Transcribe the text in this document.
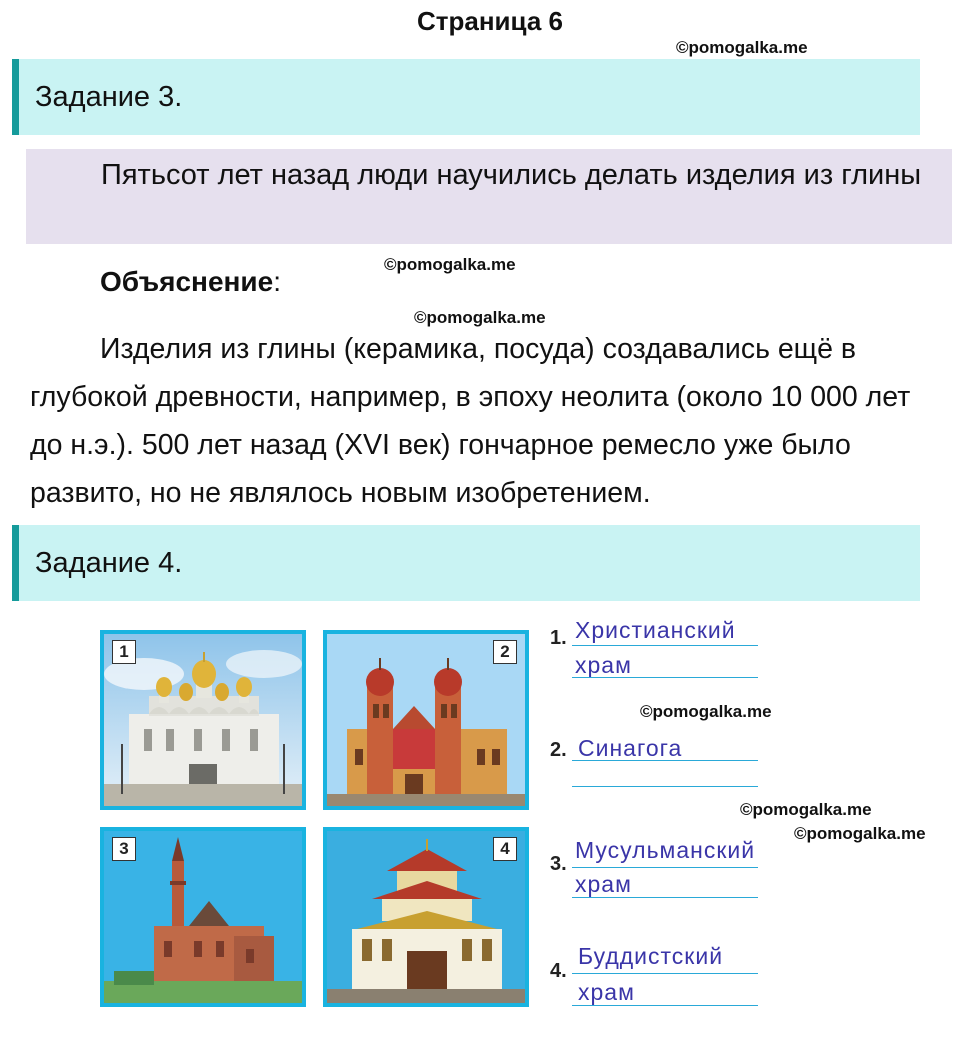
Страница 6
©pomogalka.me
Задание 3.

Пятьсот лет назад люди научились делать изделия из глины

©pomogalka.me
Объяснение:
©pomogalka.me

Изделия из глины (керамика, посуда) создавались ещё в глубокой древности, например, в эпоху неолита (около 10 000 лет до н.э.). 500 лет назад (XVI век) гончарное ремесло уже было развито, но не являлось новым изобретением.

Задание 4.
1	2
3	4
1. Христианский
храм
2. Синагога
3.
Мусульманский
храм
4.
Буддистский
храм
©pomogalka.me
©pomogalka.me
©pomogalka.me
